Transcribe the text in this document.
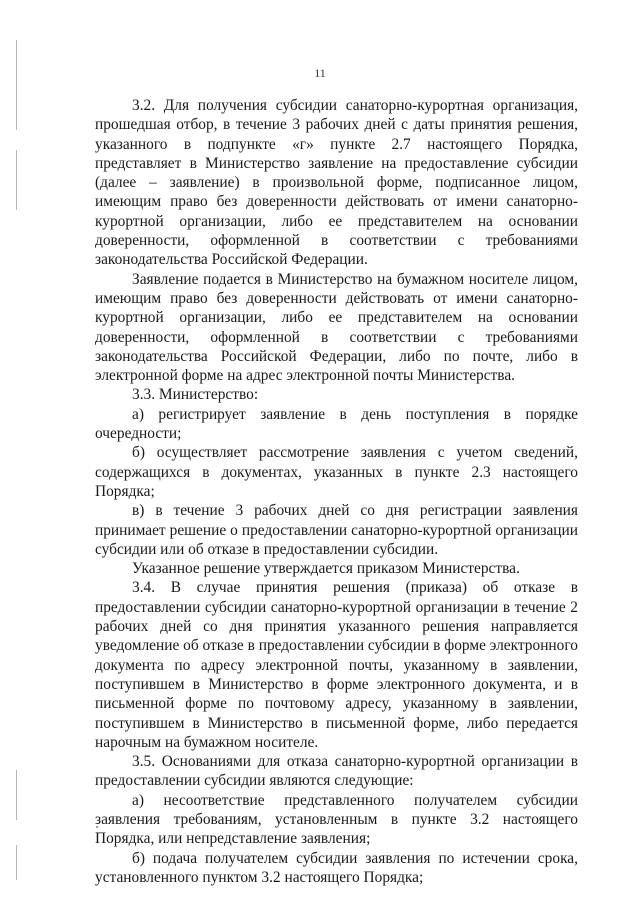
11

3.2. Для получения субсидии санаторно-курортная организация, прошедшая отбор, в течение 3 рабочих дней с даты принятия решения, указанного в подпункте «г» пункте 2.7 настоящего Порядка, представляет в Министерство заявление на предоставление субсидии (далее – заявление) в произвольной форме, подписанное лицом, имеющим право без доверенности действовать от имени санаторно-курортной организации, либо ее представителем на основании доверенности, оформленной в соответствии с требованиями законодательства Российской Федерации.

Заявление подается в Министерство на бумажном носителе лицом, имеющим право без доверенности действовать от имени санаторно-курортной организации, либо ее представителем на основании доверенности, оформленной в соответствии с требованиями законодательства Российской Федерации, либо по почте, либо в электронной форме на адрес электронной почты Министерства.

3.3. Министерство:

а) регистрирует заявление в день поступления в порядке очередности;

б) осуществляет рассмотрение заявления с учетом сведений, содержащихся в документах, указанных в пункте 2.3 настоящего Порядка;

в) в течение 3 рабочих дней со дня регистрации заявления принимает решение о предоставлении санаторно-курортной организации субсидии или об отказе в предоставлении субсидии.

Указанное решение утверждается приказом Министерства.

3.4. В случае принятия решения (приказа) об отказе в предоставлении субсидии санаторно-курортной организации в течение 2 рабочих дней со дня принятия указанного решения направляется уведомление об отказе в предоставлении субсидии в форме электронного документа по адресу электронной почты, указанному в заявлении, поступившем в Министерство в форме электронного документа, и в письменной форме по почтовому адресу, указанному в заявлении, поступившем в Министерство в письменной форме, либо передается нарочным на бумажном носителе.

3.5. Основаниями для отказа санаторно-курортной организации в предоставлении субсидии являются следующие:

а) несоответствие представленного получателем субсидии заявления требованиям, установленным в пункте 3.2 настоящего Порядка, или непредставление заявления;

б) подача получателем субсидии заявления по истечении срока, установленного пунктом 3.2 настоящего Порядка;
